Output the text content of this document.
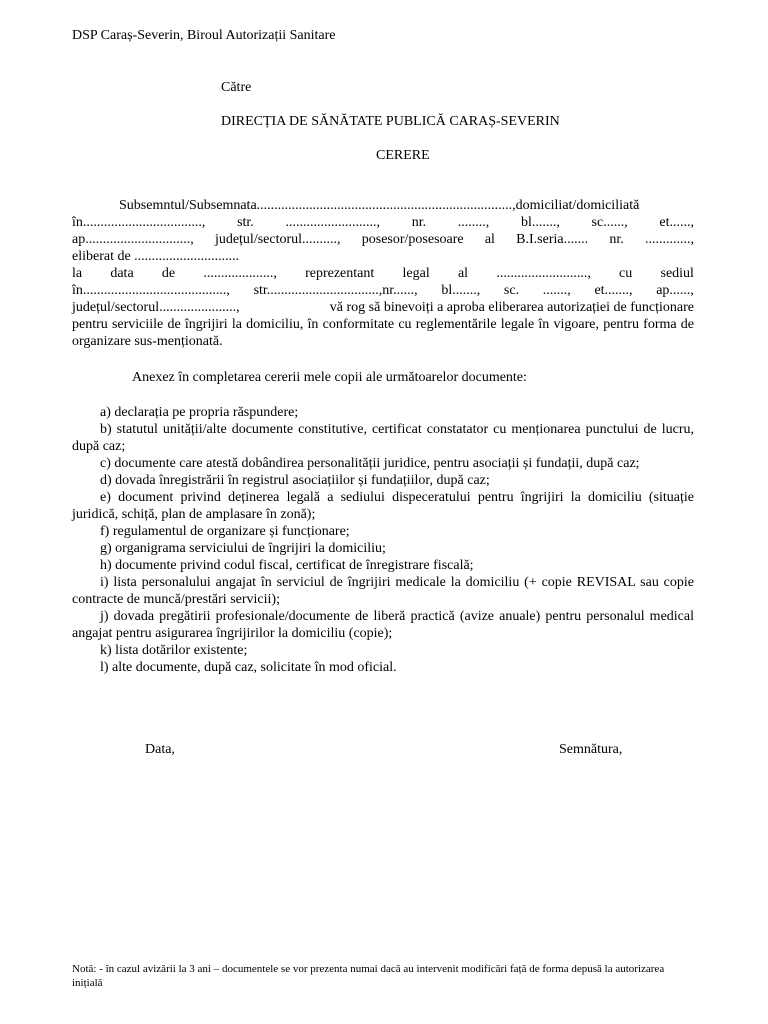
DSP Caraș-Severin, Biroul Autorizații Sanitare
Către
DIRECȚIA DE SĂNĂTATE PUBLICĂ CARAȘ-SEVERIN
CERERE
Subsemntul/Subsemnata.........................................................................,domiciliat/domiciliată
în.................................., str. .........................., nr. ........, bl......., sc......, et......,
ap.............................., județul/sectorul.........., posesor/posesoare al B.I.seria....... nr. .............,
eliberat de ..............................
la data de ...................., reprezentant legal al .........................., cu sediul
în........................................., str................................,nr......, bl......., sc. ......., et......., ap......,
județul/sectorul......................,	vă rog să binevoiți a aproba eliberarea autorizației de funcționare
pentru serviciile de îngrijiri la domiciliu, în conformitate cu reglementările legale în vigoare, pentru forma de organizare sus-menționată.
Anexez în completarea cererii mele copii ale următoarelor documente:
a) declarația pe propria răspundere;
b) statutul unității/alte documente constitutive, certificat constatator cu menționarea punctului de lucru, după caz;
c) documente care atestă dobândirea personalității juridice, pentru asociații și fundații, după caz;
d) dovada înregistrării în registrul asociațiilor și fundațiilor, după caz;
e) document privind deținerea legală a sediului dispeceratului pentru îngrijiri la domiciliu (situație juridică, schiță, plan de amplasare în zonă);
f) regulamentul de organizare și funcționare;
g) organigrama serviciului de îngrijiri la domiciliu;
h) documente privind codul fiscal, certificat de înregistrare fiscală;
i) lista personalului angajat în serviciul de îngrijiri medicale la domiciliu (+ copie REVISAL sau copie contracte de muncă/prestări servicii);
j) dovada pregătirii profesionale/documente de liberă practică (avize anuale) pentru personalul medical angajat pentru asigurarea îngrijirilor la domiciliu (copie);
k) lista dotărilor existente;
l) alte documente, după caz, solicitate în mod oficial.
Data,	Semnătura,
Notă: - în cazul avizării la 3 ani – documentele se vor prezenta numai dacă au intervenit modificări față de forma depusă la autorizarea inițială
